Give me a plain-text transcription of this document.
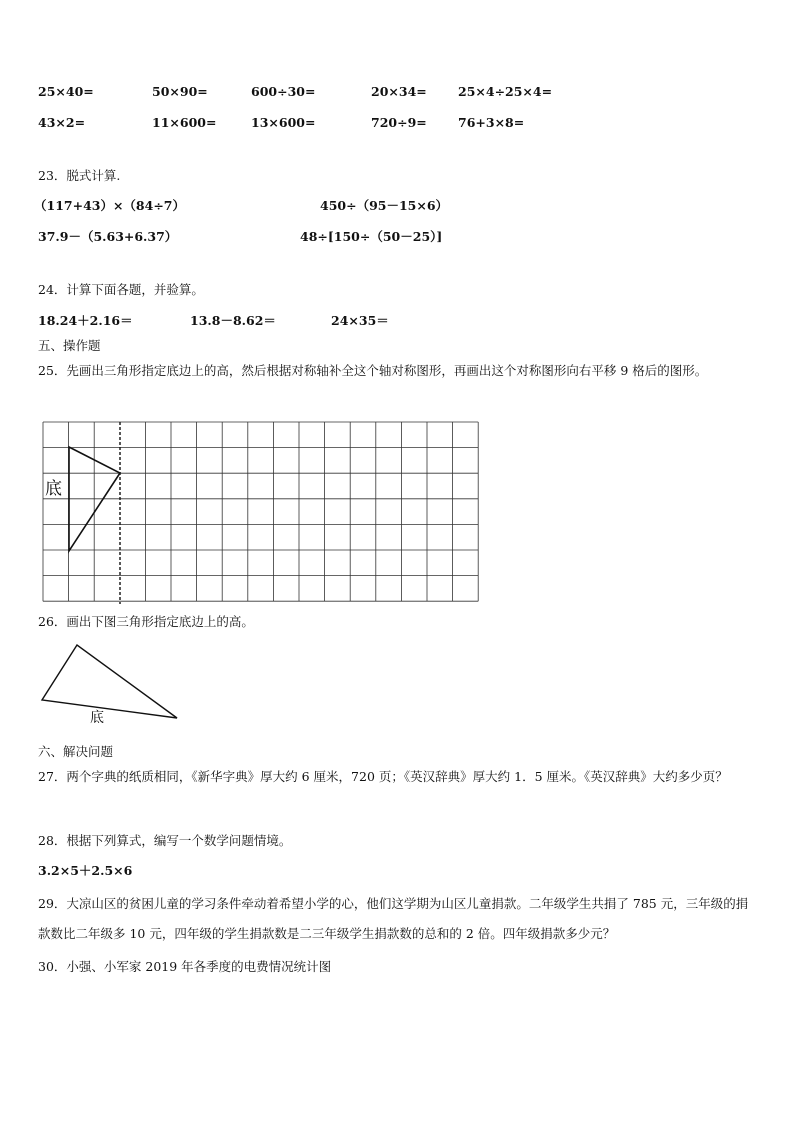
25×40=	50×90=	600÷30=	20×34=	25×4÷25×4=
43×2=	11×600=	13×600=	720÷9=	76+3×8=
23．脱式计算.
（117+43）×（84÷7）	450÷（95－15×6）
37.9－（5.63+6.37）	48÷[150÷（50－25）]
24．计算下面各题，并验算。
18.24＋2.16＝	13.8－8.62＝	24×35＝
五、操作题
25．先画出三角形指定底边上的高，然后根据对称轴补全这个轴对称图形，再画出这个对称图形向右平移 9 格后的图形。
底
26．画出下图三角形指定底边上的高。
底
六、解决问题
27．两个字典的纸质相同，《新华字典》厚大约 6 厘米，720 页；《英汉辞典》厚大约 1．5 厘米。《英汉辞典》大约多少页？
28．根据下列算式，编写一个数学问题情境。
3.2×5＋2.5×6
29．大凉山区的贫困儿童的学习条件牵动着希望小学的心，他们这学期为山区儿童捐款。二年级学生共捐了 785 元，三年级的捐款数比二年级多 10 元，四年级的学生捐款数是二三年级学生捐款数的总和的 2 倍。四年级捐款多少元？
30．小强、小军家 2019 年各季度的电费情况统计图
